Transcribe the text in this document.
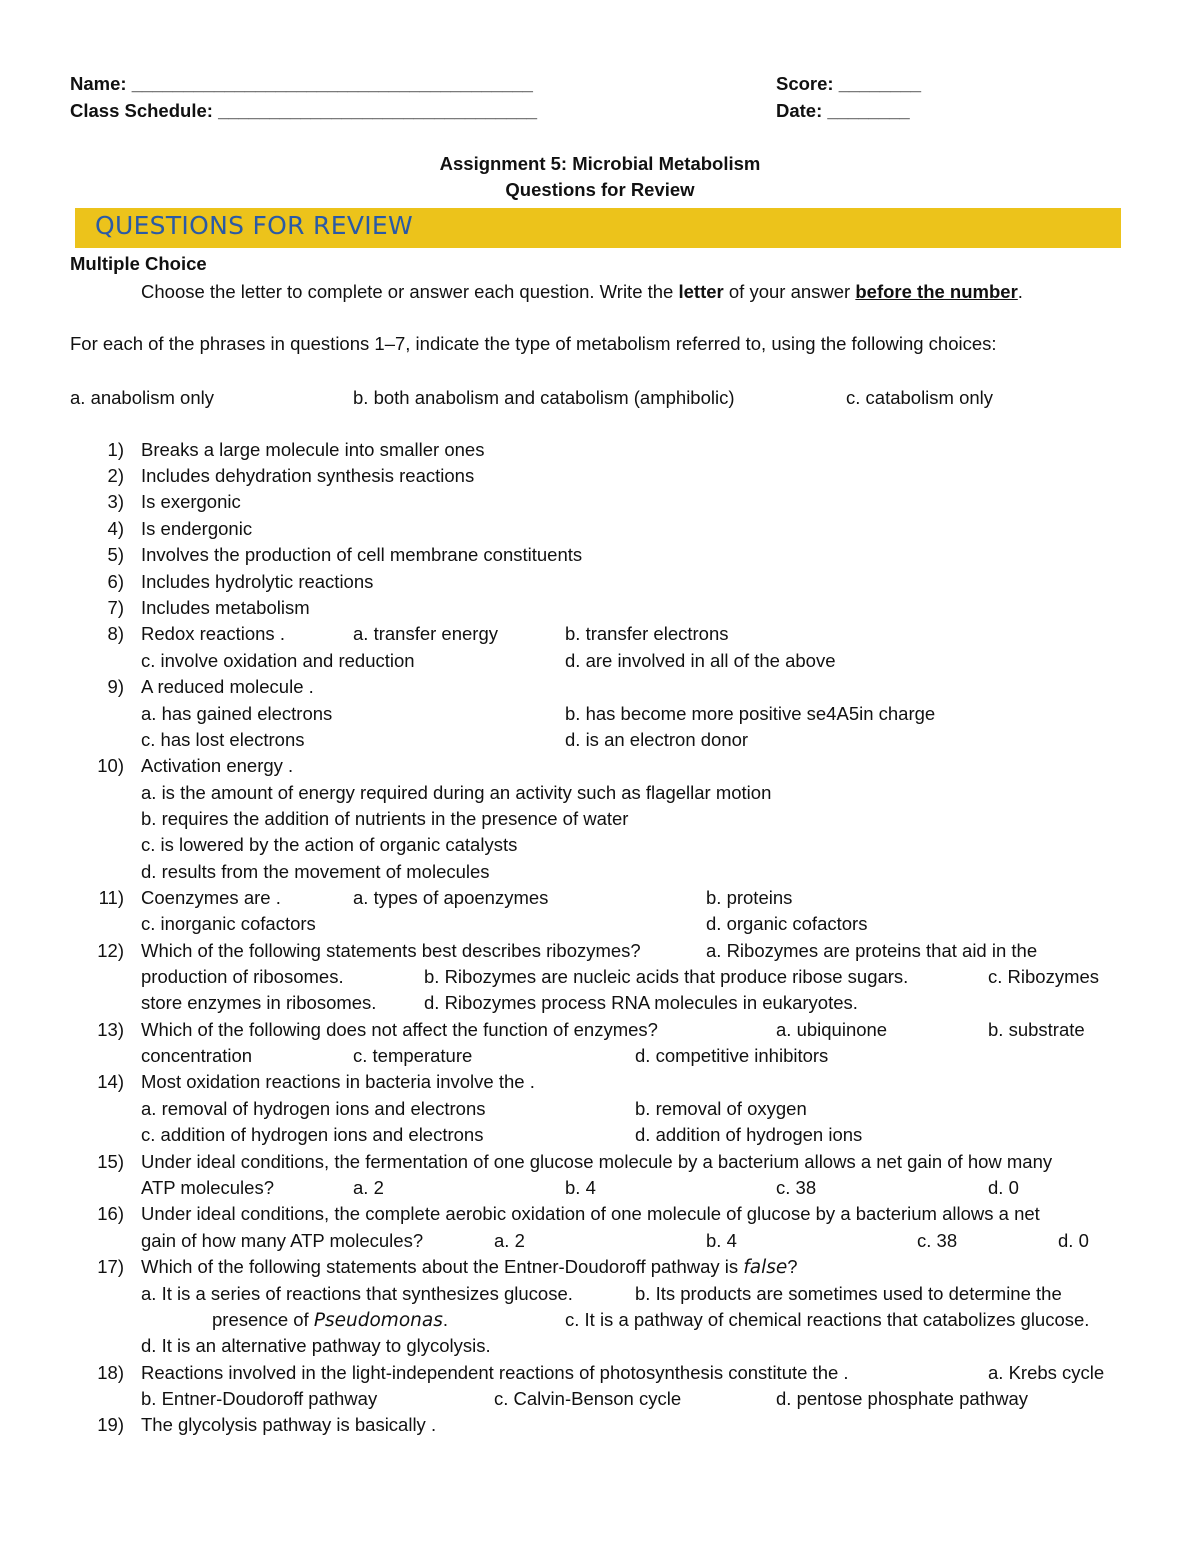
Name: _______________________________________
Class Schedule: _______________________________
Score: ________
Date: ________
Assignment 5: Microbial Metabolism
Questions for Review
QUESTIONS FOR REVIEW
Multiple Choice
Choose the letter to complete or answer each question. Write the letter of your answer before the number.
For each of the phrases in questions 1–7, indicate the type of metabolism referred to, using the following choices:
a. anabolism only	b. both anabolism and catabolism (amphibolic)	c. catabolism only
1) Breaks a large molecule into smaller ones
2) Includes dehydration synthesis reactions
3) Is exergonic
4) Is endergonic
5) Involves the production of cell membrane constituents
6) Includes hydrolytic reactions
7) Includes metabolism
8) Redox reactions .	a. transfer energy	b. transfer electrons
c. involve oxidation and reduction	d. are involved in all of the above
9) A reduced molecule .
a. has gained electrons	b. has become more positive se4A5in charge
c. has lost electrons	d. is an electron donor
10) Activation energy .
a. is the amount of energy required during an activity such as flagellar motion
b. requires the addition of nutrients in the presence of water
c. is lowered by the action of organic catalysts
d. results from the movement of molecules
11) Coenzymes are .	a. types of apoenzymes	b. proteins
c. inorganic cofactors	d. organic cofactors
12) Which of the following statements best describes ribozymes?	a. Ribozymes are proteins that aid in the
production of ribosomes.	b. Ribozymes are nucleic acids that produce ribose sugars.	c. Ribozymes
store enzymes in ribosomes.	d. Ribozymes process RNA molecules in eukaryotes.
13) Which of the following does not affect the function of enzymes?	a. ubiquinone	b. substrate
concentration	c. temperature	d. competitive inhibitors
14) Most oxidation reactions in bacteria involve the .
a. removal of hydrogen ions and electrons	b. removal of oxygen
c. addition of hydrogen ions and electrons	d. addition of hydrogen ions
15) Under ideal conditions, the fermentation of one glucose molecule by a bacterium allows a net gain of how many
ATP molecules?	a. 2	b. 4	c. 38	d. 0
16) Under ideal conditions, the complete aerobic oxidation of one molecule of glucose by a bacterium allows a net
gain of how many ATP molecules?	a. 2	b. 4	c. 38	d. 0
17) Which of the following statements about the Entner-Doudoroff pathway is false?
a. It is a series of reactions that synthesizes glucose.	b. Its products are sometimes used to determine the
presence of Pseudomonas.	c. It is a pathway of chemical reactions that catabolizes glucose.
d. It is an alternative pathway to glycolysis.
18) Reactions involved in the light-independent reactions of photosynthesis constitute the .	a. Krebs cycle
b. Entner-Doudoroff pathway	c. Calvin-Benson cycle	d. pentose phosphate pathway
19) The glycolysis pathway is basically .
